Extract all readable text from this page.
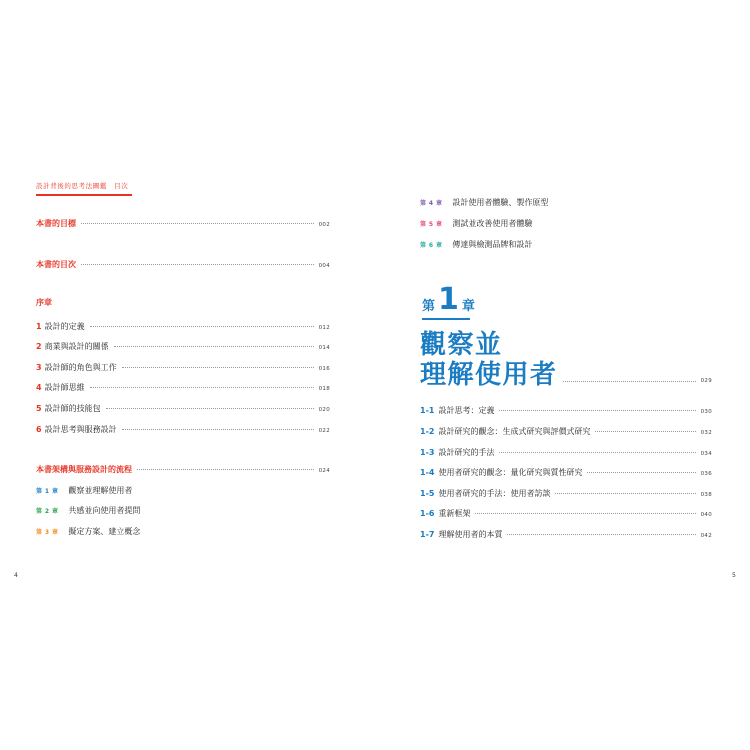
設計背後的思考法圖鑑　目次
本書的目標	002
本書的目次	004
序章
1 設計的定義	012
2 商業與設計的關係	014
3 設計師的角色與工作	016
4 設計師思維	018
5 設計師的技能包	020
6 設計思考與服務設計	022
本書架構與服務設計的流程	024
第 1 章 觀察並理解使用者
第 2 章 共感並向使用者提問
第 3 章 擬定方案、建立概念
4
第 4 章 設計使用者體驗、製作原型
第 5 章 測試並改善使用者體驗
第 6 章 傳達與檢測品牌和設計
第 1 章
觀察並
理解使用者	029
1-1 設計思考：定義	030
1-2 設計研究的觀念：生成式研究與評價式研究	032
1-3 設計研究的手法	034
1-4 使用者研究的觀念：量化研究與質性研究	036
1-5 使用者研究的手法：使用者訪談	038
1-6 重新框架	040
1-7 理解使用者的本質	042
5
